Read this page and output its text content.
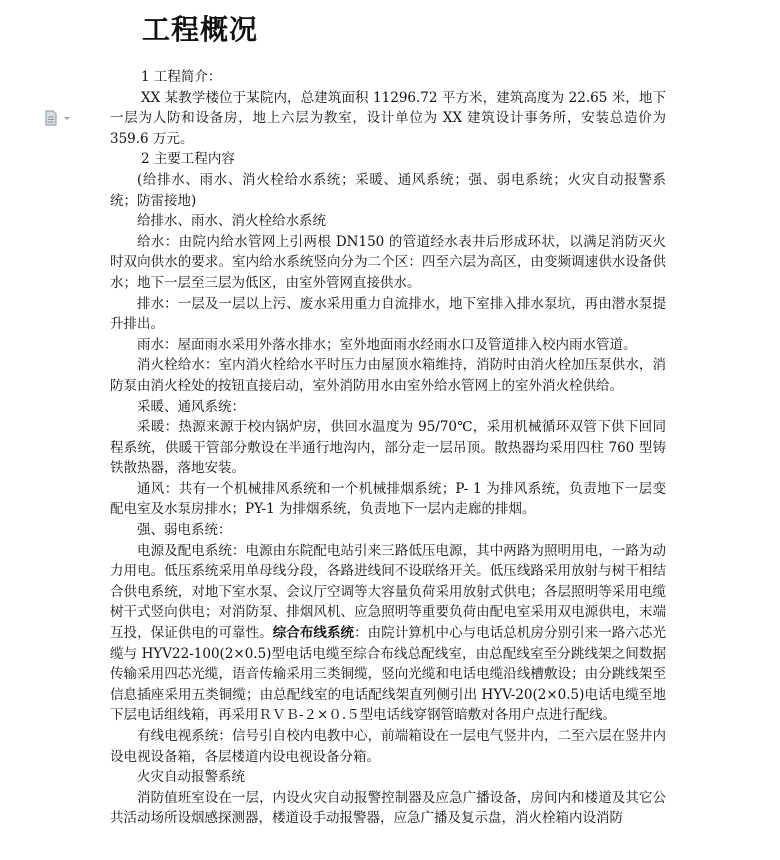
工程概况

1 工程简介：

XX 某教学楼位于某院内，总建筑面积 11296.72 平方米，建筑高度为 22.65 米，地下一层为人防和设备房，地上六层为教室，设计单位为 XX 建筑设计事务所，安装总造价为 359.6 万元。

2 主要工程内容

(给排水、雨水、消火栓给水系统；采暖、通风系统；强、弱电系统；火灾自动报警系统；防雷接地)

给排水、雨水、消火栓给水系统

给水：由院内给水管网上引两根 DN150 的管道经水表井后形成环状，以满足消防灭火时双向供水的要求。室内给水系统竖向分为二个区：四至六层为高区，由变频调速供水设备供水；地下一层至三层为低区，由室外管网直接供水。

排水：一层及一层以上污、废水采用重力自流排水，地下室排入排水泵坑，再由潜水泵提升排出。

雨水：屋面雨水采用外落水排水；室外地面雨水经雨水口及管道排入校内雨水管道。

消火栓给水：室内消火栓给水平时压力由屋顶水箱维持，消防时由消火栓加压泵供水，消防泵由消火栓处的按钮直接启动，室外消防用水由室外给水管网上的室外消火栓供给。

采暖、通风系统：

采暖：热源来源于校内锅炉房，供回水温度为 95/70℃，采用机械循环双管下供下回同程系统，供暖干管部分敷设在半通行地沟内，部分走一层吊顶。散热器均采用四柱 760 型铸铁散热器，落地安装。

通风：共有一个机械排风系统和一个机械排烟系统；P- 1 为排风系统，负责地下一层变配电室及水泵房排水；PY-1 为排烟系统，负责地下一层内走廊的排烟。

强、弱电系统：

电源及配电系统：电源由东院配电站引来三路低压电源，其中两路为照明用电，一路为动力用电。低压系统采用单母线分段，各路进线间不设联络开关。低压线路采用放射与树干相结合供电系统，对地下室水泵、会议厅空调等大容量负荷采用放射式供电；各层照明等采用电缆树干式竖向供电；对消防泵、排烟风机、应急照明等重要负荷由配电室采用双电源供电，末端互投，保证供电的可靠性。综合布线系统：由院计算机中心与电话总机房分别引来一路六芯光缆与 HYV22-100(2×0.5)型电话电缆至综合布线总配线室，由总配线室至分跳线架之间数据传输采用四芯光缆，语音传输采用三类铜缆，竖向光缆和电话电缆沿线槽敷设；由分跳线架至信息插座采用五类铜缆；由总配线室的电话配线架直列侧引出 HYV-20(2×0.5)电话电缆至地下层电话组线箱，再采用ＲＶＢ-２×０.５型电话线穿钢管暗敷对各用户点进行配线。

有线电视系统：信号引自校内电教中心，前端箱设在一层电气竖井内，二至六层在竖井内设电视设备箱，各层楼道内设电视设备分箱。

火灾自动报警系统

消防值班室设在一层，内设火灾自动报警控制器及应急广播设备，房间内和楼道及其它公共活动场所设烟感探测器，楼道设手动报警器，应急广播及复示盘，消火栓箱内设消防
